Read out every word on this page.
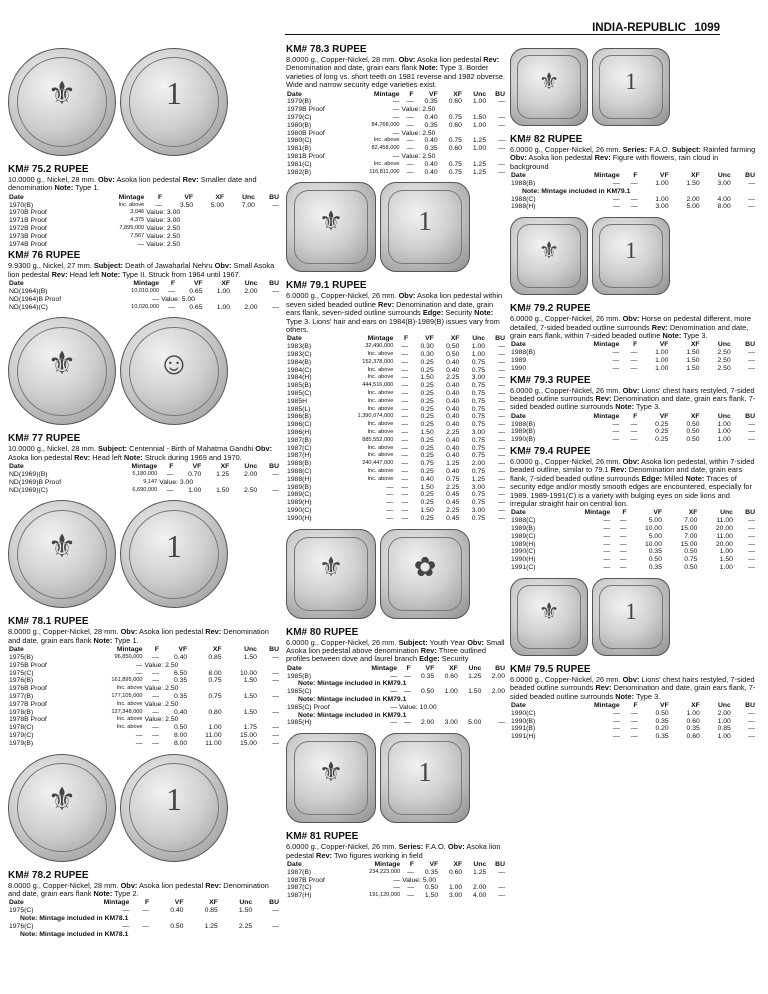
INDIA-REPUBLIC 1099
⚜	1
KM# 75.2 RUPEE
10.0000 g., Nickel, 28 mm. Obv: Asoka lion pedestal Rev: Smaller date and denomination Note: Type 1.
Date	Mintage	F	VF	XF	Unc	BU
1970(B)	Inc. above	—	3.50	5.00	7.00	—
1970B Proof	3,046	Value: 3.00				
1971B Proof	4,375	Value: 3.00				
1972B Proof	7,895,000	Value: 2.50				
1973B Proof	7,567	Value: 2.50				
1974B Proof	—	Value: 2.50				
KM# 76 RUPEE
9.9300 g., Nickel, 27 mm. Subject: Death of Jawaharlal Nehru Obv: Small Asoka lion pedestal Rev: Head left Note: Type II. Struck from 1964 until 1967.
Date	Mintage	F	VF	XF	Unc	BU
ND(1964)(B)	10,010,000	—	0.65	1.00	2.00	—
ND(1964)B Proof	—	Value: 5.00				
ND(1964)(C)	10,020,000	—	0.65	1.00	2.00	—
⚜	☺
KM# 77 RUPEE
10.0000 g., Nickel, 28 mm. Subject: Centennial - Birth of Mahatma Gandhi Obv: Asoka lion pedestal Rev: Head left Note: Struck during 1969 and 1970.
Date	Mintage	F	VF	XF	Unc	BU
ND(1969)(B)	5,180,000	—	0.70	1.25	2.00	—
ND(1969)B Proof	9,147	Value: 3.00				
ND(1969)(C)	6,690,000	—	1.00	1.50	2.50	—
⚜	1
KM# 78.1 RUPEE
8.0000 g., Copper-Nickel, 28 mm. Obv: Asoka lion pedestal Rev: Denomination and date, grain ears flank Note: Type 1.
Date	Mintage	F	VF	XF	Unc	BU
1975(B)	96,850,000	—	0.40	0.85	1.50	—
1975B Proof	—	Value: 2.50				
1975(C)	—	—	6.50	8.00	10.00	—
1976(B)	161,895,000	—	0.35	0.75	1.50	—
1976B Proof	Inc. above	Value: 2.50				
1977(B)	177,105,000	—	0.35	0.75	1.50	—
1977B Proof	Inc. above	Value: 2.50				
1978(B)	127,348,000	—	0.40	0.80	1.50	—
1978B Proof	Inc. above	Value: 2.50				
1978(C)	Inc. above	—	0.50	1.00	1.75	—
1979(C)	—	—	8.00	11.00	15.00	—
1979(B)	—	—	8.00	11.00	15.00	—
⚜	1
KM# 78.2 RUPEE
8.0000 g., Copper-Nickel, 28 mm. Obv: Asoka lion pedestal Rev: Denomination and date, grain ears flank Note: Type 2.
Date	Mintage	F	VF	XF	Unc	BU
1975(C)	—	—	0.40	0.85	1.50	—
Note: Mintage included in KM78.1						
1976(C)	—	—	0.50	1.25	2.25	—
Note: Mintage included in KM78.1						
KM# 78.3 RUPEE
8.0000 g., Copper-Nickel, 28 mm. Obv: Asoka lion pedestal Rev: Denomination and date, grain ears flank Note: Type 3. Border varieties of long vs. short teeth on 1981 reverse and 1982 obverse. Wide and narrow security edge varieties exist.
Date	Mintage	F	VF	XF	Unc	BU
1979(B)	—	—	0.35	0.60	1.00	—
1979B Proof	—	Value: 2.50				
1979(C)	—	—	0.40	0.75	1.50	—
1980(B)	84,768,000	—	0.35	0.60	1.00	—
1980B Proof	—	Value: 2.50				
1980(C)	Inc. above	—	0.40	0.75	1.25	—
1981(B)	82,458,000	—	0.35	0.60	1.00	—
1981B Proof	—	Value: 2.50				
1981(C)	Inc. above	—	0.40	0.75	1.25	—
1982(B)	116,811,000	—	0.40	0.75	1.25	—
⚜	1
KM# 79.1 RUPEE
6.0000 g., Copper-Nickel, 26 mm. Obv: Asoka lion pedestal within seven sided beaded outline Rev: Denomination and date, grain ears flank, seven-sided outline surrounds Edge: Security Note: Type 3. Lions' hair and ears on 1984(B)-1989(B) issues vary from others.
Date	Mintage	F	VF	XF	Unc	BU
1983(B)	32,490,000	—	0.30	0.50	1.00	—
1983(C)	Inc. above	—	0.30	0.50	1.00	—
1984(B)	152,378,000	—	0.25	0.40	0.75	—
1984(C)	Inc. above	—	0.25	0.40	0.75	—
1984(H)	Inc. above	—	1.50	2.25	3.00	—
1985(B)	444,516,000	—	0.25	0.40	0.75	—
1985(C)	Inc. above	—	0.25	0.40	0.75	—
1985H	Inc. above	—	0.25	0.40	0.75	—
1985(L)	Inc. above	—	0.25	0.40	0.75	—
1986(B)	1,390,074,000	—	0.25	0.40	0.75	—
1986(C)	Inc. above	—	0.25	0.40	0.75	—
1986(H)	Inc. above	—	1.50	2.25	3.00	—
1987(B)	885,552,000	—	0.25	0.40	0.75	—
1987(C)	Inc. above	—	0.25	0.40	0.75	—
1987(H)	Inc. above	—	0.25	0.40	0.75	—
1988(B)	240,447,000	—	0.75	1.25	2.00	—
1988(C)	Inc. above	—	0.25	0.40	0.75	—
1988(H)	Inc. above	—	0.40	0.75	1.25	—
1989(B)	—	—	1.50	2.25	3.00	—
1989(C)	—	—	0.25	0.45	0.75	—
1989(H)	—	—	0.25	0.45	0.75	—
1990(C)	—	—	1.50	2.25	3.00	—
1990(H)	—	—	0.25	0.45	0.75	—
⚜	✿
KM# 80 RUPEE
6.0000 g., Copper-Nickel, 26 mm. Subject: Youth Year Obv: Small Asoka lion pedestal above denomination Rev: Three outlined profiles between dove and laurel branch Edge: Security
Date	Mintage	F	VF	XF	Unc	BU
1985(B)	—	—	0.35	0.60	1.25	2.00
Note: Mintage included in KM79.1						
1985(C)	—	—	0.50	1.00	1.50	2.00
Note: Mintage included in KM79.1						
1985(C) Proof	—	Value: 10.00				
Note: Mintage included in KM79.1						
1985(H)	—	—	2.00	3.00	5.00	—
⚜	1
KM# 81 RUPEE
6.0000 g., Copper-Nickel, 26 mm. Series: F.A.O. Obv: Asoka lion pedestal Rev: Two figures working in field
Date	Mintage	F	VF	XF	Unc	BU
1987(B)	234,223,000	—	0.35	0.60	1.25	—
1987B Proof	—	Value: 5.00				
1987(C)	—	—	0.50	1.00	2.00	—
1987(H)	191,120,000	—	1.50	3.00	4.00	—
⚜	1
KM# 82 RUPEE
6.0000 g., Copper-Nickel, 26 mm. Series: F.A.O. Subject: Rainfed farming Obv: Asoka lion pedestal Rev: Figure with flowers, rain cloud in background
Date	Mintage	F	VF	XF	Unc	BU
1988(B)	—	—	1.00	1.50	3.00	—
Note: Mintage included in KM79.1						
1988(C)	—	—	1.00	2.00	4.00	—
1988(H)	—	—	3.00	5.00	8.00	—
⚜	1
KM# 79.2 RUPEE
6.0000 g., Copper-Nickel, 26 mm. Obv: Horse on pedestal different, more detailed, 7-sided beaded outline surrounds Rev: Denomination and date, grain ears flank, within 7-sided beaded outline Note: Type 3.
Date	Mintage	F	VF	XF	Unc	BU
1988(B)	—	—	1.00	1.50	2.50	—
1989	—	—	1.00	1.50	2.50	—
1990	—	—	1.00	1.50	2.50	—
KM# 79.3 RUPEE
6.0000 g., Copper-Nickel, 26 mm. Obv: Lions' chest hairs restyled, 7-sided beaded outline surrounds Rev: Denomination and date, grain ears flank, 7-sided beaded outline surrounds Note: Type 3.
Date	Mintage	F	VF	XF	Unc	BU
1988(B)	—	—	0.25	0.50	1.00	—
1989(B)	—	—	0.25	0.50	1.00	—
1990(B)	—	—	0.25	0.50	1.00	—
KM# 79.4 RUPEE
6.0000 g., Copper-Nickel, 26 mm. Obv: Asoka lion pedestal, within 7-sided beaded outline, similar to 79.1 Rev: Denomination and date, grain ears flank, 7-sided beaded outline surrounds Edge: Milled Note: Traces of security edge and/or mostly smooth edges are encountered, especially for 1989. 1989-1991(C) is a variety with bulging eyes on side lions and irregular straight hair on central lion.
Date	Mintage	F	VF	XF	Unc	BU
1988(C)	—	—	5.00	7.00	11.00	—
1989(B)	—	—	10.00	15.00	20.00	—
1989(C)	—	—	5.00	7.00	11.00	—
1989(H)	—	—	10.00	15.00	20.00	—
1990(C)	—	—	0.35	0.50	1.00	—
1990(H)	—	—	0.50	0.75	1.50	—
1991(C)	—	—	0.35	0.50	1.00	—
⚜	1
KM# 79.5 RUPEE
6.0000 g., Copper-Nickel, 26 mm. Obv: Lions' chest hairs restyled, 7-sided beaded outline surrounds Rev: Denomination and date, grain ears flank, 7-sided beaded outline surrounds Note: Type 3.
Date	Mintage	F	VF	XF	Unc	BU
1990(C)	—	—	0.50	1.00	2.00	—
1990(B)	—	—	0.35	0.60	1.00	—
1991(B)	—	—	0.20	0.35	0.85	—
1991(H)	—	—	0.35	0.60	1.00	—
